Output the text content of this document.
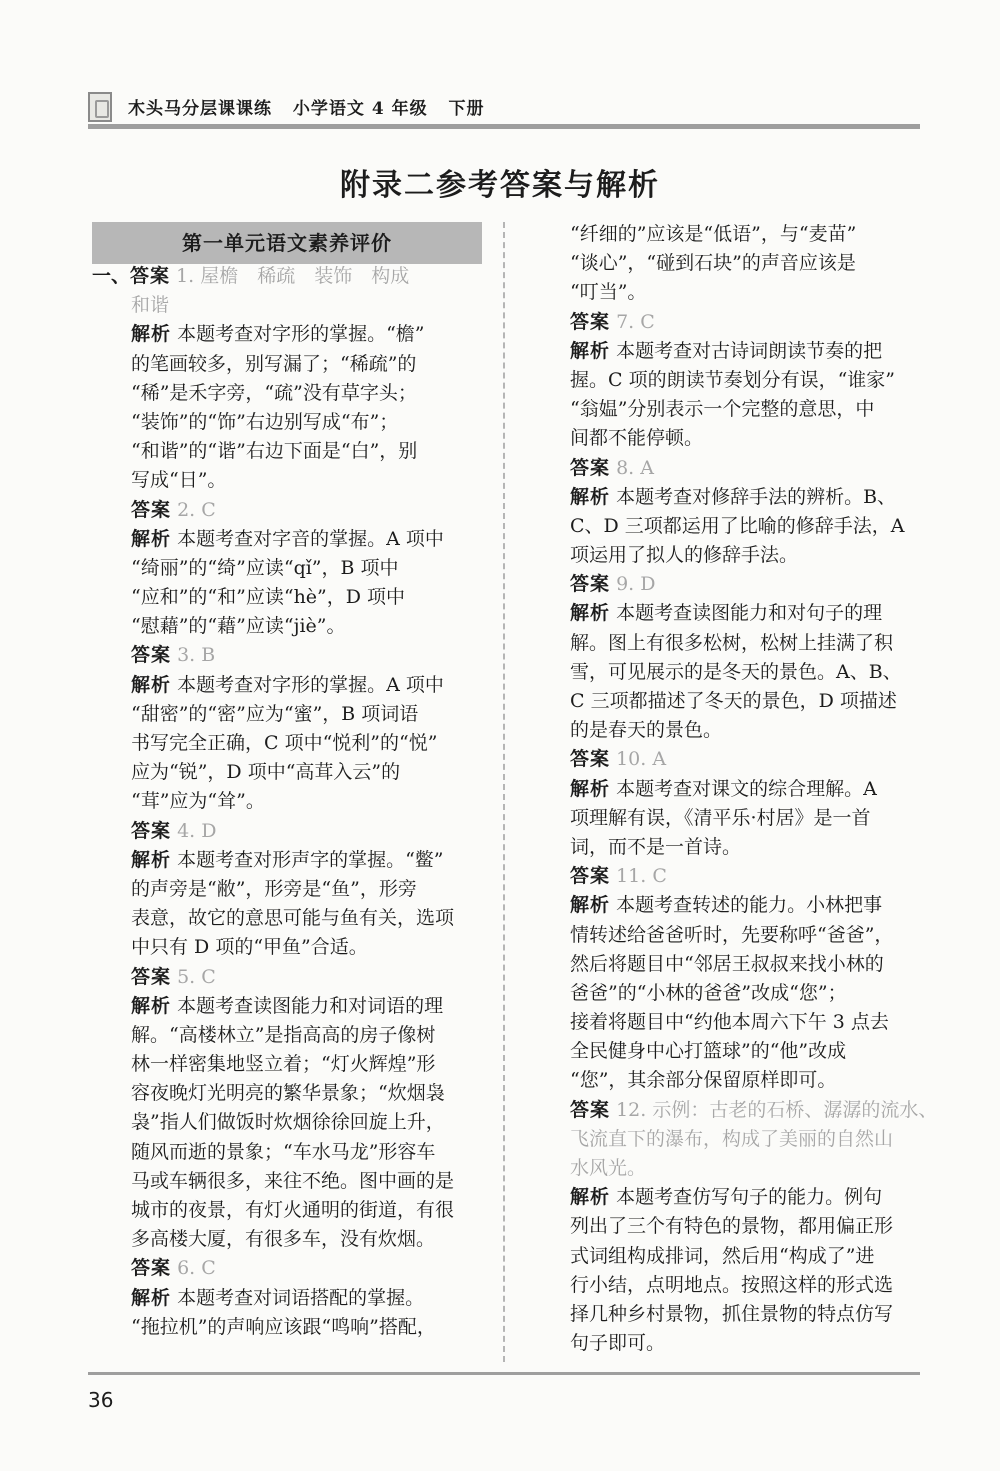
木头马分层课课练 小学语文 4 年级 下册
附录二参考答案与解析
第一单元语文素养评价
一、答案 1. 屋檐　稀疏　装饰　构成
和谐
解析 本题考查对字形的掌握。“檐”
的笔画较多，别写漏了；“稀疏”的
“稀”是禾字旁，“疏”没有草字头；
“装饰”的“饰”右边别写成“布”；
“和谐”的“谐”右边下面是“白”，别
写成“日”。
答案 2. C
解析 本题考查对字音的掌握。A 项中
“绮丽”的“绮”应读“qǐ”，B 项中
“应和”的“和”应读“hè”，D 项中
“慰藉”的“藉”应读“jiè”。
答案 3. B
解析 本题考查对字形的掌握。A 项中
“甜密”的“密”应为“蜜”，B 项词语
书写完全正确，C 项中“悦利”的“悦”
应为“锐”，D 项中“高茸入云”的
“茸”应为“耸”。
答案 4. D
解析 本题考查对形声字的掌握。“鳖”
的声旁是“敝”，形旁是“鱼”，形旁
表意，故它的意思可能与鱼有关，选项
中只有 D 项的“甲鱼”合适。
答案 5. C
解析 本题考查读图能力和对词语的理
解。“高楼林立”是指高高的房子像树
林一样密集地竖立着；“灯火辉煌”形
容夜晚灯光明亮的繁华景象；“炊烟袅
袅”指人们做饭时炊烟徐徐回旋上升，
随风而逝的景象；“车水马龙”形容车
马或车辆很多，来往不绝。图中画的是
城市的夜景，有灯火通明的街道，有很
多高楼大厦，有很多车，没有炊烟。
答案 6. C
解析 本题考查对词语搭配的掌握。
“拖拉机”的声响应该跟“鸣响”搭配，
“纤细的”应该是“低语”，与“麦苗”
“谈心”，“碰到石块”的声音应该是
“叮当”。
答案 7. C
解析 本题考查对古诗词朗读节奏的把
握。C 项的朗读节奏划分有误，“谁家”
“翁媪”分别表示一个完整的意思，中
间都不能停顿。
答案 8. A
解析 本题考查对修辞手法的辨析。B、
C、D 三项都运用了比喻的修辞手法，A
项运用了拟人的修辞手法。
答案 9. D
解析 本题考查读图能力和对句子的理
解。图上有很多松树，松树上挂满了积
雪，可见展示的是冬天的景色。A、B、
C 三项都描述了冬天的景色，D 项描述
的是春天的景色。
答案 10. A
解析 本题考查对课文的综合理解。A
项理解有误，《清平乐·村居》是一首
词，而不是一首诗。
答案 11. C
解析 本题考查转述的能力。小林把事
情转述给爸爸听时，先要称呼“爸爸”，
然后将题目中“邻居王叔叔来找小林的
爸爸”的“小林的爸爸”改成“您”；
接着将题目中“约他本周六下午 3 点去
全民健身中心打篮球”的“他”改成
“您”，其余部分保留原样即可。
答案 12. 示例：古老的石桥、潺潺的流水、
飞流直下的瀑布，构成了美丽的自然山
水风光。
解析 本题考查仿写句子的能力。例句
列出了三个有特色的景物，都用偏正形
式词组构成排词，然后用“构成了”进
行小结，点明地点。按照这样的形式选
择几种乡村景物，抓住景物的特点仿写
句子即可。
36
